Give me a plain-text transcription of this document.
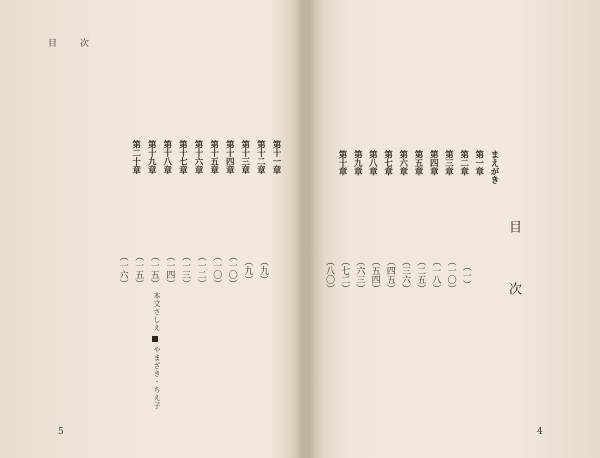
目　次
第十一章
（九）
第十二章
（九）
第十三章
（一〇）
第十四章
（一〇）
第十五章
（一二）
第十六章
（一三）
第十七章
（一四）
第十八章
（一五）
第十九章
（一五）
第二十章
（一六）
本文さしえ
やまざき・ちえ子
5
まえがき
第一章
（一）
第二章
（一〇）
第三章
（一八）
第四章
（二五）
第五章
（三六）
第六章
（四五）
第七章
（五四）
第八章
（六三）
第九章
（七二）
第十章
（八〇）	目　次
4
